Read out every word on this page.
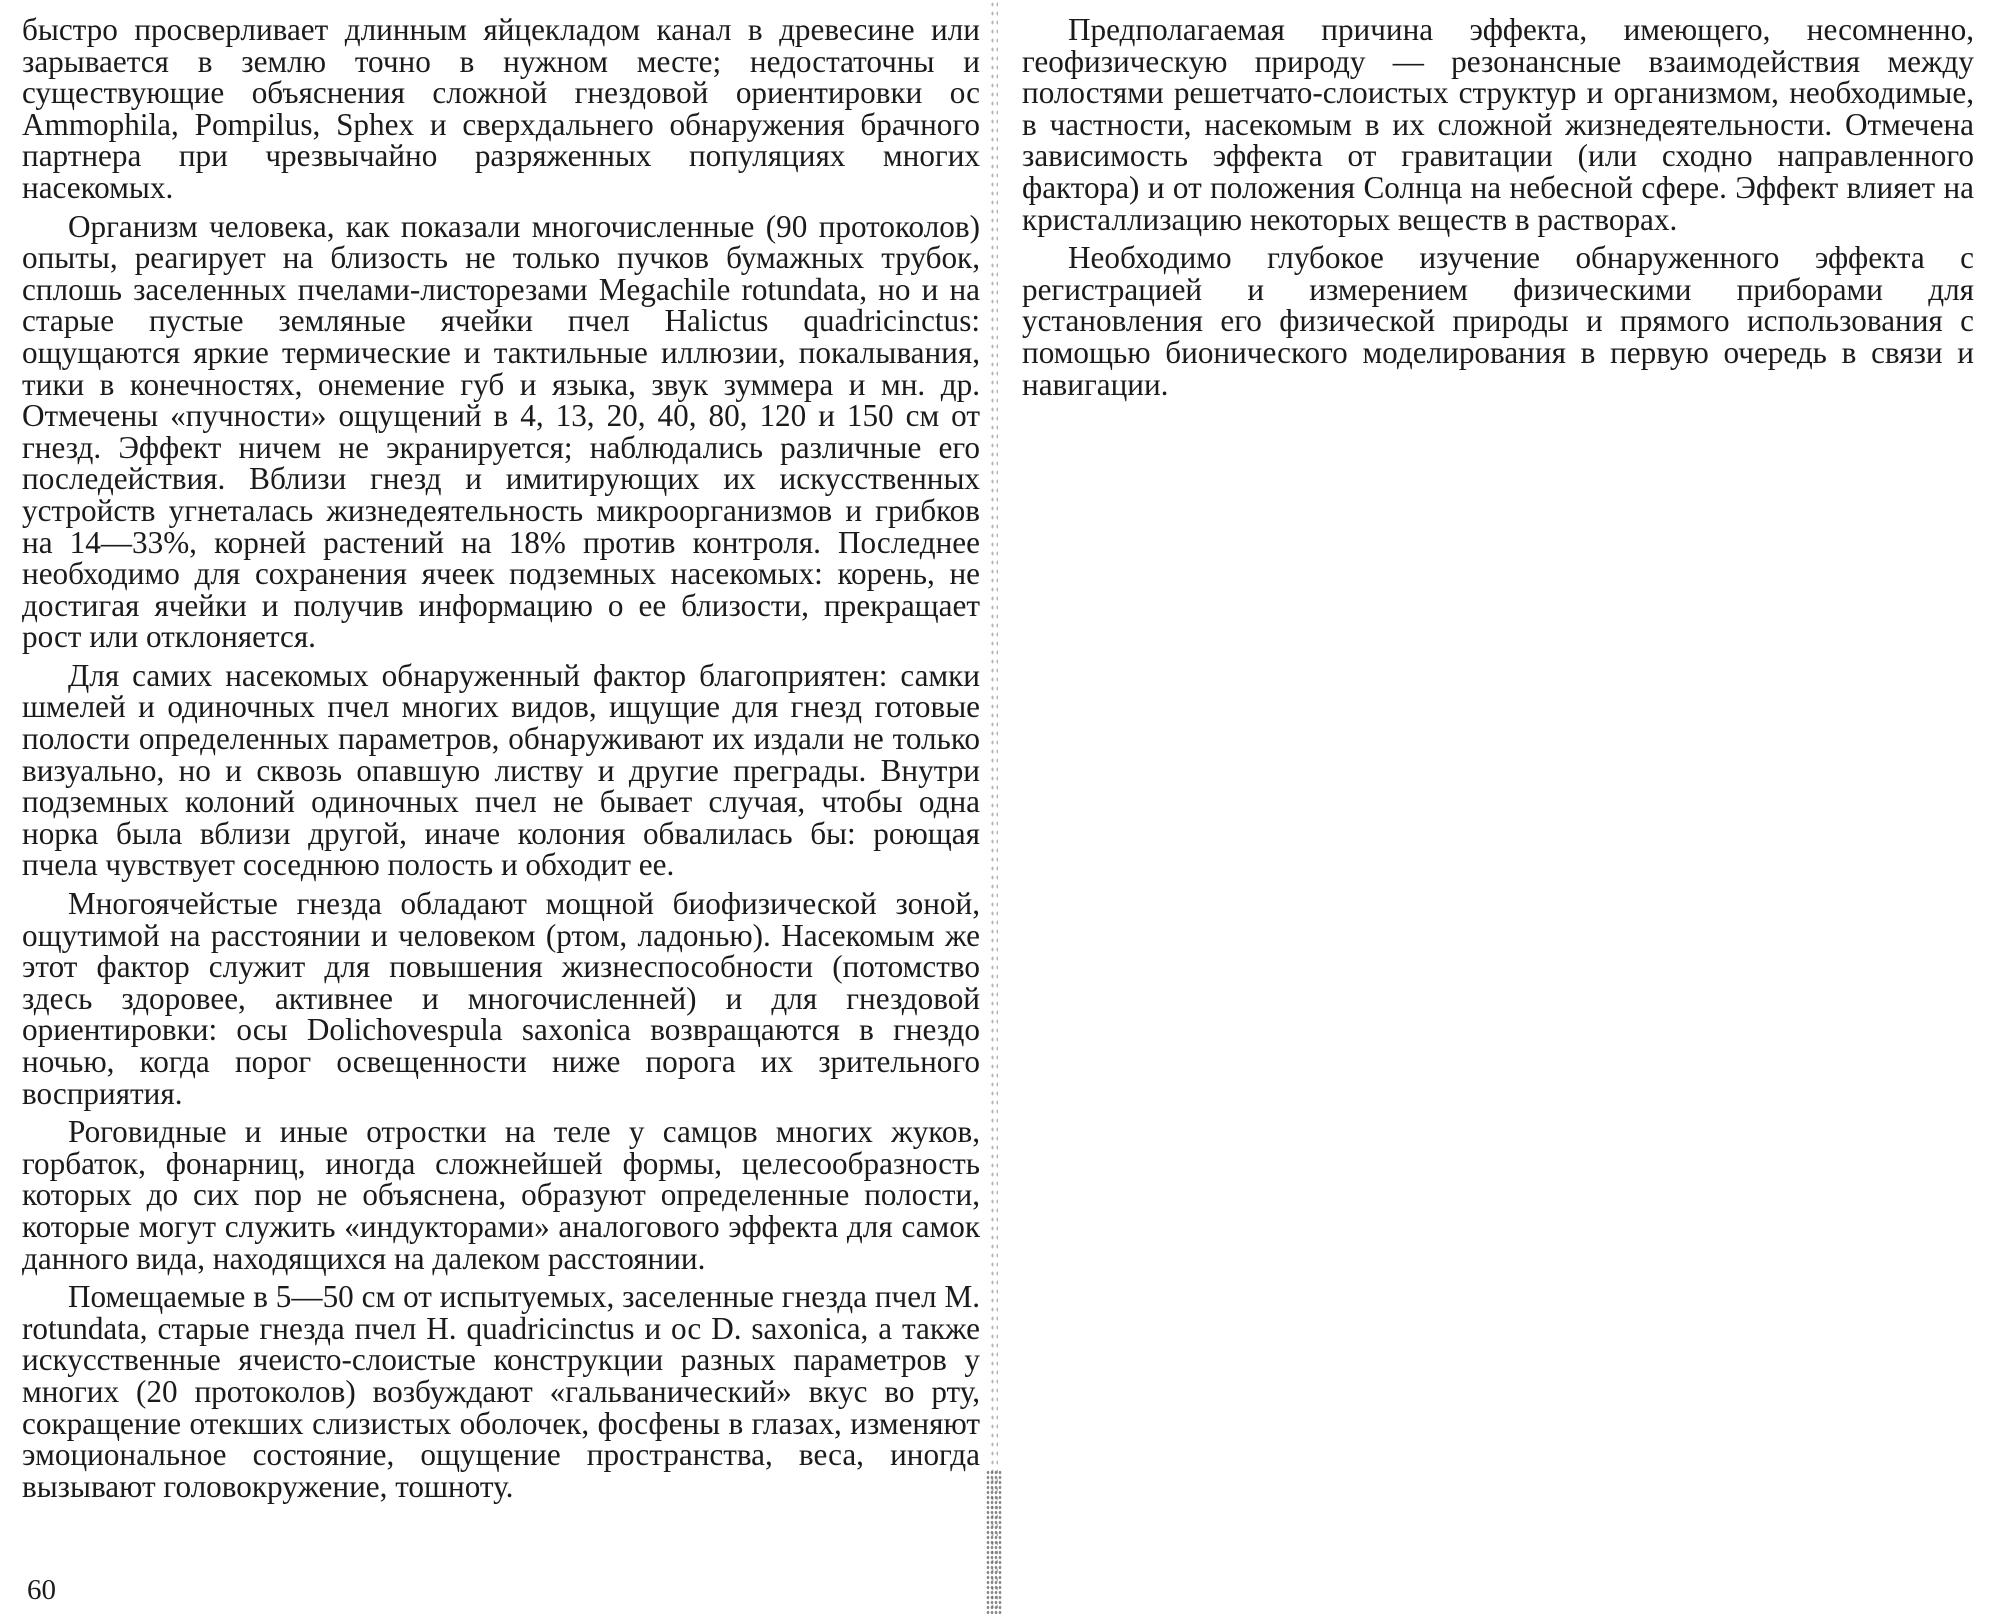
быстро просверливает длинным яйцекладом канал в древесине или зарывается в землю точно в нужном месте; недостаточны и существующие объяснения сложной гнездовой ориентировки ос Ammophila, Pompilus, Sphex и сверхдальнего обнаружения брачного партнера при чрезвычайно разряженных популяциях многих насекомых.

Организм человека, как показали многочисленные (90 протоколов) опыты, реагирует на близость не только пучков бумажных трубок, сплошь заселенных пчелами-листорезами Megachile rotundata, но и на старые пустые земляные ячейки пчел Halictus quadricinctus: ощущаются яркие термические и тактильные иллюзии, покалывания, тики в конечностях, онемение губ и языка, звук зуммера и мн. др. Отмечены «пучности» ощущений в 4, 13, 20, 40, 80, 120 и 150 см от гнезд. Эффект ничем не экранируется; наблюдались различные его последействия. Вблизи гнезд и имитирующих их искусственных устройств угнеталась жизнедеятельность микроорганизмов и грибков на 14—33%, корней растений на 18% против контроля. Последнее необходимо для сохранения ячеек подземных насекомых: корень, не достигая ячейки и получив информацию о ее близости, прекращает рост или отклоняется.

Для самих насекомых обнаруженный фактор благоприятен: самки шмелей и одиночных пчел многих видов, ищущие для гнезд готовые полости определенных параметров, обнаруживают их издали не только визуально, но и сквозь опавшую листву и другие преграды. Внутри подземных колоний одиночных пчел не бывает случая, чтобы одна норка была вблизи другой, иначе колония обвалилась бы: роющая пчела чувствует соседнюю полость и обходит ее.

Многоячейстые гнезда обладают мощной биофизической зоной, ощутимой на расстоянии и человеком (ртом, ладонью). Насекомым же этот фактор служит для повышения жизнеспособности (потомство здесь здоровее, активнее и многочисленней) и для гнездовой ориентировки: осы Dolichovespula saxonica возвращаются в гнездо ночью, когда порог освещенности ниже порога их зрительного восприятия.

Роговидные и иные отростки на теле у самцов многих жуков, горбаток, фонарниц, иногда сложнейшей формы, целесообразность которых до сих пор не объяснена, образуют определенные полости, которые могут служить «индукторами» аналогового эффекта для самок данного вида, находящихся на далеком расстоянии.

Помещаемые в 5—50 см от испытуемых, заселенные гнезда пчел M. rotundata, старые гнезда пчел H. quadricinctus и ос D. saxonica, а также искусственные ячеисто-слоистые конструкции разных параметров у многих (20 протоколов) возбуждают «гальванический» вкус во рту, сокращение отекших слизистых оболочек, фосфены в глазах, изменяют эмоциональное состояние, ощущение пространства, веса, иногда вызывают головокружение, тошноту.

60

Предполагаемая причина эффекта, имеющего, несомненно, геофизическую природу — резонансные взаимодействия между полостями решетчато-слоистых структур и организмом, необходимые, в частности, насекомым в их сложной жизнедеятельности. Отмечена зависимость эффекта от гравитации (или сходно направленного фактора) и от положения Солнца на небесной сфере. Эффект влияет на кристаллизацию некоторых веществ в растворах.

Необходимо глубокое изучение обнаруженного эффекта с регистрацией и измерением физическими приборами для установления его физической природы и прямого использования с помощью бионического моделирования в первую очередь в связи и навигации.
